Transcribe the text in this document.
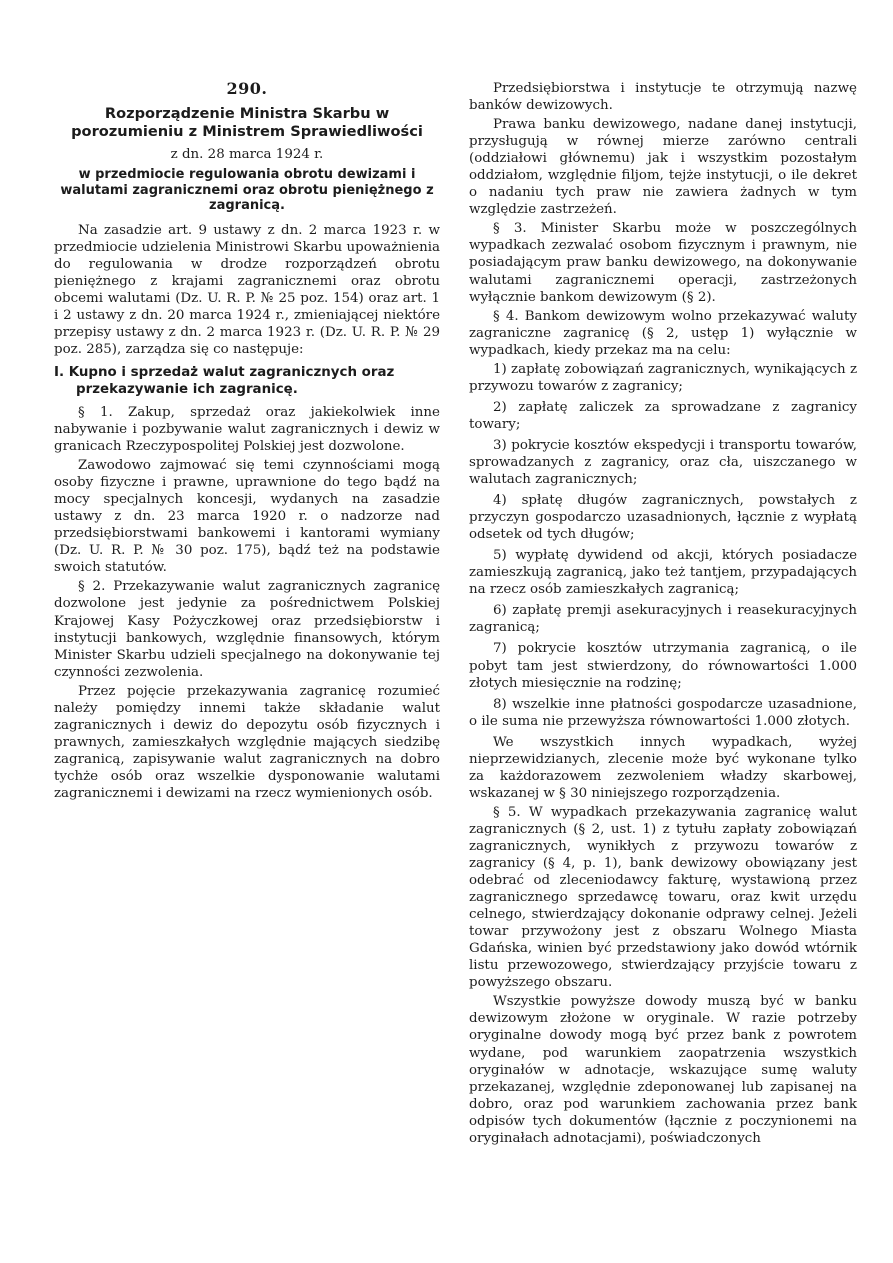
290.
Rozporządzenie Ministra Skarbu w porozumieniu z Ministrem Sprawiedliwości
z dn. 28 marca 1924 r.
w przedmiocie regulowania obrotu dewizami i walutami zagranicznemi oraz obrotu pieniężnego z zagranicą.

Na zasadzie art. 9 ustawy z dn. 2 marca 1923 r. w przedmiocie udzielenia Ministrowi Skarbu upoważnienia do regulowania w drodze rozporządzeń obrotu pieniężnego z krajami zagranicznemi oraz obrotu obcemi walutami (Dz. U. R. P. № 25 poz. 154) oraz art. 1 i 2 ustawy z dn. 20 marca 1924 r., zmieniającej niektóre przepisy ustawy z dn. 2 marca 1923 r. (Dz. U. R. P. № 29 poz. 285), zarządza się co następuje:

I. Kupno i sprzedaż walut zagranicznych oraz przekazywanie ich zagranicę.

§ 1. Zakup, sprzedaż oraz jakiekolwiek inne nabywanie i pozbywanie walut zagranicznych i dewiz w granicach Rzeczypospolitej Polskiej jest dozwolone.

Zawodowo zajmować się temi czynnościami mogą osoby fizyczne i prawne, uprawnione do tego bądź na mocy specjalnych koncesji, wydanych na zasadzie ustawy z dn. 23 marca 1920 r. o nadzorze nad przedsiębiorstwami bankowemi i kantorami wymiany (Dz. U. R. P. № 30 poz. 175), bądź też na podstawie swoich statutów.

§ 2. Przekazywanie walut zagranicznych zagranicę dozwolone jest jedynie za pośrednictwem Polskiej Krajowej Kasy Pożyczkowej oraz przedsiębiorstw i instytucji bankowych, względnie finansowych, którym Minister Skarbu udzieli specjalnego na dokonywanie tej czynności zezwolenia.

Przez pojęcie przekazywania zagranicę rozumieć należy pomiędzy innemi także składanie walut zagranicznych i dewiz do depozytu osób fizycznych i prawnych, zamieszkałych względnie mających siedzibę zagranicą, zapisywanie walut zagranicznych na dobro tychże osób oraz wszelkie dysponowanie walutami zagranicznemi i dewizami na rzecz wymienionych osób.

Przedsiębiorstwa i instytucje te otrzymują nazwę banków dewizowych.

Prawa banku dewizowego, nadane danej instytucji, przysługują w równej mierze zarówno centrali (oddziałowi głównemu) jak i wszystkim pozostałym oddziałom, względnie filjom, tejże instytucji, o ile dekret o nadaniu tych praw nie zawiera żadnych w tym względzie zastrzeżeń.

§ 3. Minister Skarbu może w poszczególnych wypadkach zezwalać osobom fizycznym i prawnym, nie posiadającym praw banku dewizowego, na dokonywanie walutami zagranicznemi operacji, zastrzeżonych wyłącznie bankom dewizowym (§ 2).

§ 4. Bankom dewizowym wolno przekazywać waluty zagraniczne zagranicę (§ 2, ustęp 1) wyłącznie w wypadkach, kiedy przekaz ma na celu:

1) zapłatę zobowiązań zagranicznych, wynikających z przywozu towarów z zagranicy;

2) zapłatę zaliczek za sprowadzane z zagranicy towary;

3) pokrycie kosztów ekspedycji i transportu towarów, sprowadzanych z zagranicy, oraz cła, uiszczanego w walutach zagranicznych;

4) spłatę długów zagranicznych, powstałych z przyczyn gospodarczo uzasadnionych, łącznie z wypłatą odsetek od tych długów;

5) wypłatę dywidend od akcji, których posiadacze zamieszkują zagranicą, jako też tantjem, przypadających na rzecz osób zamieszkałych zagranicą;

6) zapłatę premji asekuracyjnych i reasekuracyjnych zagranicą;

7) pokrycie kosztów utrzymania zagranicą, o ile pobyt tam jest stwierdzony, do równowartości 1.000 złotych miesięcznie na rodzinę;

8) wszelkie inne płatności gospodarcze uzasadnione, o ile suma nie przewyższa równowartości 1.000 złotych.

We wszystkich innych wypadkach, wyżej nieprzewidzianych, zlecenie może być wykonane tylko za każdorazowem zezwoleniem władzy skarbowej, wskazanej w § 30 niniejszego rozporządzenia.

§ 5. W wypadkach przekazywania zagranicę walut zagranicznych (§ 2, ust. 1) z tytułu zapłaty zobowiązań zagranicznych, wynikłych z przywozu towarów z zagranicy (§ 4, p. 1), bank dewizowy obowiązany jest odebrać od zleceniodawcy fakturę, wystawioną przez zagranicznego sprzedawcę towaru, oraz kwit urzędu celnego, stwierdzający dokonanie odprawy celnej. Jeżeli towar przywożony jest z obszaru Wolnego Miasta Gdańska, winien być przedstawiony jako dowód wtórnik listu przewozowego, stwierdzający przyjście towaru z powyższego obszaru.

Wszystkie powyższe dowody muszą być w banku dewizowym złożone w oryginale. W razie potrzeby oryginalne dowody mogą być przez bank z powrotem wydane, pod warunkiem zaopatrzenia wszystkich oryginałów w adnotacje, wskazujące sumę waluty przekazanej, względnie zdeponowanej lub zapisanej na dobro, oraz pod warunkiem zachowania przez bank odpisów tych dokumentów (łącznie z poczynionemi na oryginałach adnotacjami), poświadczonych
